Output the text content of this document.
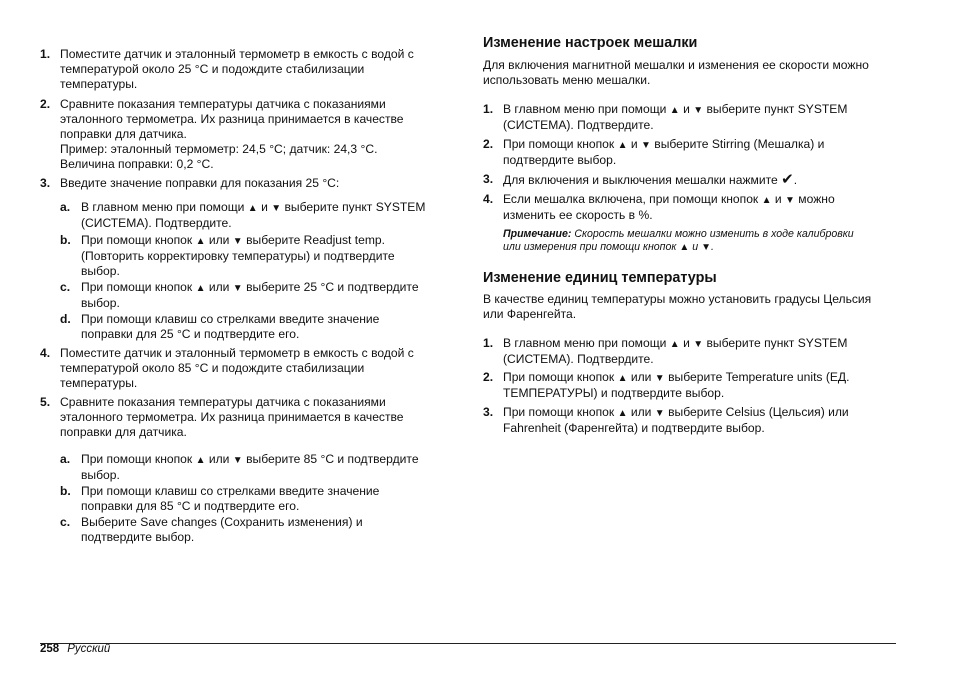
1. Поместите датчик и эталонный термометр в емкость с водой с
температурой около 25 °C и подождите стабилизации
температуры.
2. Сравните показания температуры датчика с показаниями
эталонного термометра. Их разница принимается в качестве
поправки для датчика.
Пример: эталонный термометр: 24,5 °C; датчик: 24,3 °C.
Величина поправки: 0,2 °C.
3. Введите значение поправки для показания 25 °C:
a. В главном меню при помощи ▲ и ▼ выберите пункт SYSTEM
(СИСТЕМА). Подтвердите.
b. При помощи кнопок ▲ или ▼ выберите Readjust temp.
(Повторить корректировку температуры) и подтвердите
выбор.
c. При помощи кнопок ▲ или ▼ выберите 25 °C и подтвердите
выбор.
d. При помощи клавиш со стрелками введите значение
поправки для 25 °C и подтвердите его.
4. Поместите датчик и эталонный термометр в емкость с водой с
температурой около 85 °C и подождите стабилизации
температуры.
5. Сравните показания температуры датчика с показаниями
эталонного термометра. Их разница принимается в качестве
поправки для датчика.
a. При помощи кнопок ▲ или ▼ выберите 85 °C и подтвердите
выбор.
b. При помощи клавиш со стрелками введите значение
поправки для 85 °C и подтвердите его.
c. Выберите Save changes (Сохранить изменения) и
подтвердите выбор.
Изменение настроек мешалки
Для включения магнитной мешалки и изменения ее скорости можно
использовать меню мешалки.
1. В главном меню при помощи ▲ и ▼ выберите пункт SYSTEM
(СИСТЕМА). Подтвердите.
2. При помощи кнопок ▲ и ▼ выберите Stirring (Мешалка) и
подтвердите выбор.
3. Для включения и выключения мешалки нажмите ✔.
4. Если мешалка включена, при помощи кнопок ▲ и ▼ можно
изменить ее скорость в %.
Примечание: Скорость мешалки можно изменить в ходе калибровки
или измерения при помощи кнопок ▲ и ▼.
Изменение единиц температуры
В качестве единиц температуры можно установить градусы Цельсия
или Фаренгейта.
1. В главном меню при помощи ▲ и ▼ выберите пункт SYSTEM
(СИСТЕМА). Подтвердите.
2. При помощи кнопок ▲ или ▼ выберите Temperature units (ЕД.
ТЕМПЕРАТУРЫ) и подтвердите выбор.
3. При помощи кнопок ▲ или ▼ выберите Celsius (Цельсия) или
Fahrenheit (Фаренгейта) и подтвердите выбор.
258 Русский
